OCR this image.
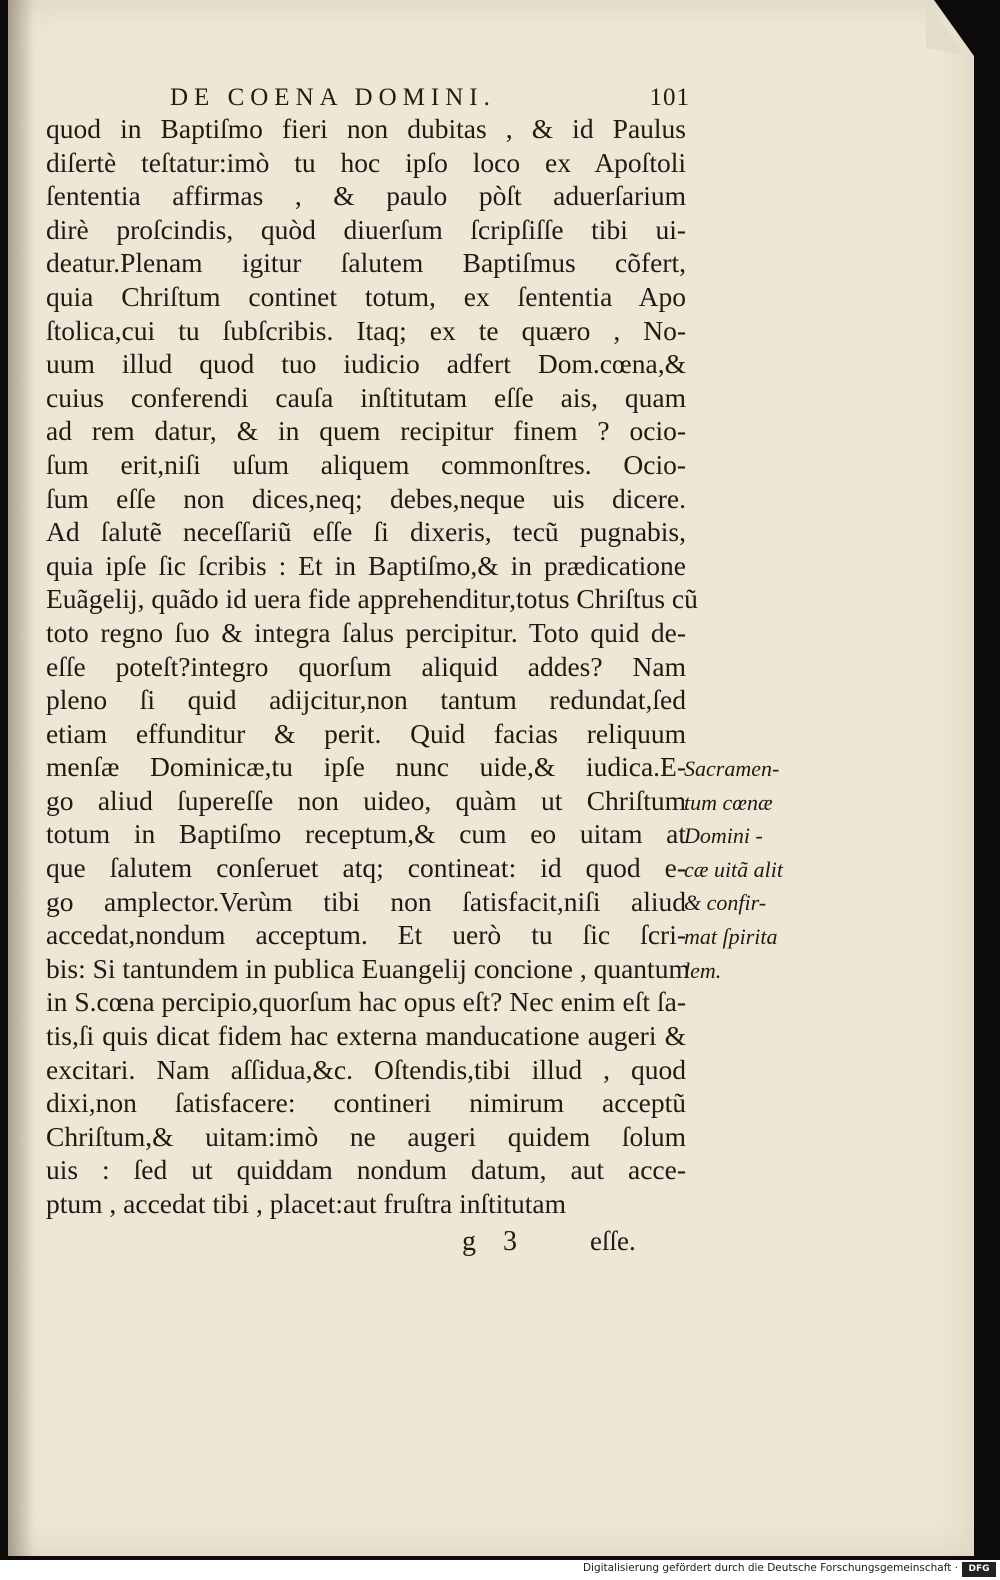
DE COENA DOMINI.	101
quod in Baptiſmo fieri non dubitas , & id Paulus
diſertè teſtatur:imò tu hoc ipſo loco ex Apoſtoli
ſententia affirmas , & paulo pòſt aduerſarium
dirè proſcindis, quòd diuerſum ſcripſiſſe tibi ui-
deatur.Plenam igitur ſalutem Baptiſmus cõfert,
quia Chriſtum continet totum, ex ſententia Apo
ſtolica,cui tu ſubſcribis. Itaq; ex te quæro , No-
uum illud quod tuo iudicio adfert Dom.cœna,&
cuius conferendi cauſa inſtitutam eſſe ais, quam
ad rem datur, & in quem recipitur finem ? ocio-
ſum erit,niſi uſum aliquem commonſtres. Ocio-
ſum eſſe non dices,neq; debes,neque uis dicere.
Ad ſalutẽ neceſſariũ eſſe ſi dixeris, tecũ pugnabis,
quia ipſe ſic ſcribis : Et in Baptiſmo,& in prædicatione
Euãgelij, quãdo id uera fide apprehenditur,totus Chriſtus cũ
toto regno ſuo & integra ſalus percipitur. Toto quid de-
eſſe poteſt?integro quorſum aliquid addes? Nam
pleno ſi quid adijcitur,non tantum redundat,ſed
etiam effunditur & perit. Quid facias reliquum
menſæ Dominicæ,tu ipſe nunc uide,& iudica.E-
go aliud ſupereſſe non uideo, quàm ut Chriſtum
totum in Baptiſmo receptum,& cum eo uitam at
que ſalutem conſeruet atq; contineat: id quod e-
go amplector.Verùm tibi non ſatisfacit,niſi aliud
accedat,nondum acceptum. Et uerò tu ſic ſcri-
bis: Si tantundem in publica Euangelij concione , quantum
in S.cœna percipio,quorſum hac opus eſt? Nec enim eſt ſa-
tis,ſi quis dicat fidem hac externa manducatione augeri &
excitari. Nam aſſidua,&c. Oſtendis,tibi illud , quod
dixi,non ſatisfacere: contineri nimirum acceptũ
Chriſtum,& uitam:imò ne augeri quidem ſolum
uis : ſed ut quiddam nondum datum, aut acce-
ptum , accedat tibi , placet:aut fruſtra inſtitutam
Sacramen-
tum cœnæ
Domini -
cæ uitã alit
& confir-
mat ſpirita
lem.
g 3 eſſe.
Digitalisierung gefördert durch die Deutsche Forschungsgemeinschaft ·	DFG
